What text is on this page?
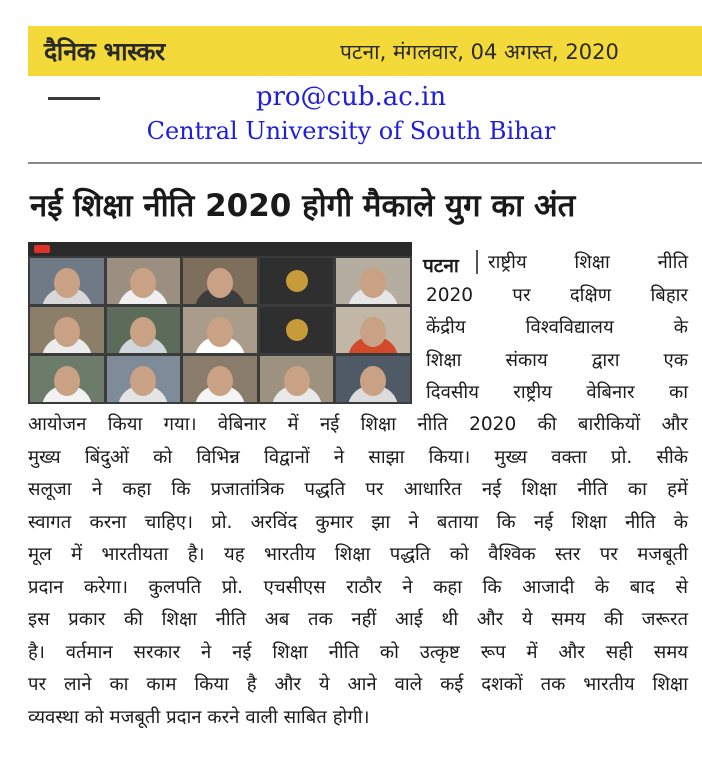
दैनिक भास्कर	पटना, मंगलवार, 04 अगस्त, 2020
pro@cub.ac.in
Central University of South Bihar
नई शिक्षा नीति 2020 होगी मैकाले युग का अंत
पटना राष्ट्रीय शिक्षा नीति
2020 पर दक्षिण बिहार
केंद्रीय विश्वविद्यालय के
शिक्षा संकाय द्वारा एक
दिवसीय राष्ट्रीय वेबिनार का
आयोजन किया गया। वेबिनार में नई शिक्षा नीति 2020 की बारीकियों और
मुख्य बिंदुओं को विभिन्न विद्वानों ने साझा किया। मुख्य वक्ता प्रो. सीके
सलूजा ने कहा कि प्रजातांत्रिक पद्धति पर आधारित नई शिक्षा नीति का हमें
स्वागत करना चाहिए। प्रो. अरविंद कुमार झा ने बताया कि नई शिक्षा नीति के
मूल में भारतीयता है। यह भारतीय शिक्षा पद्धति को वैश्विक स्तर पर मजबूती
प्रदान करेगा। कुलपति प्रो. एचसीएस राठौर ने कहा कि आजादी के बाद से
इस प्रकार की शिक्षा नीति अब तक नहीं आई थी और ये समय की जरूरत
है। वर्तमान सरकार ने नई शिक्षा नीति को उत्कृष्ट रूप में और सही समय
पर लाने का काम किया है और ये आने वाले कई दशकों तक भारतीय शिक्षा
व्यवस्था को मजबूती प्रदान करने वाली साबित होगी।
